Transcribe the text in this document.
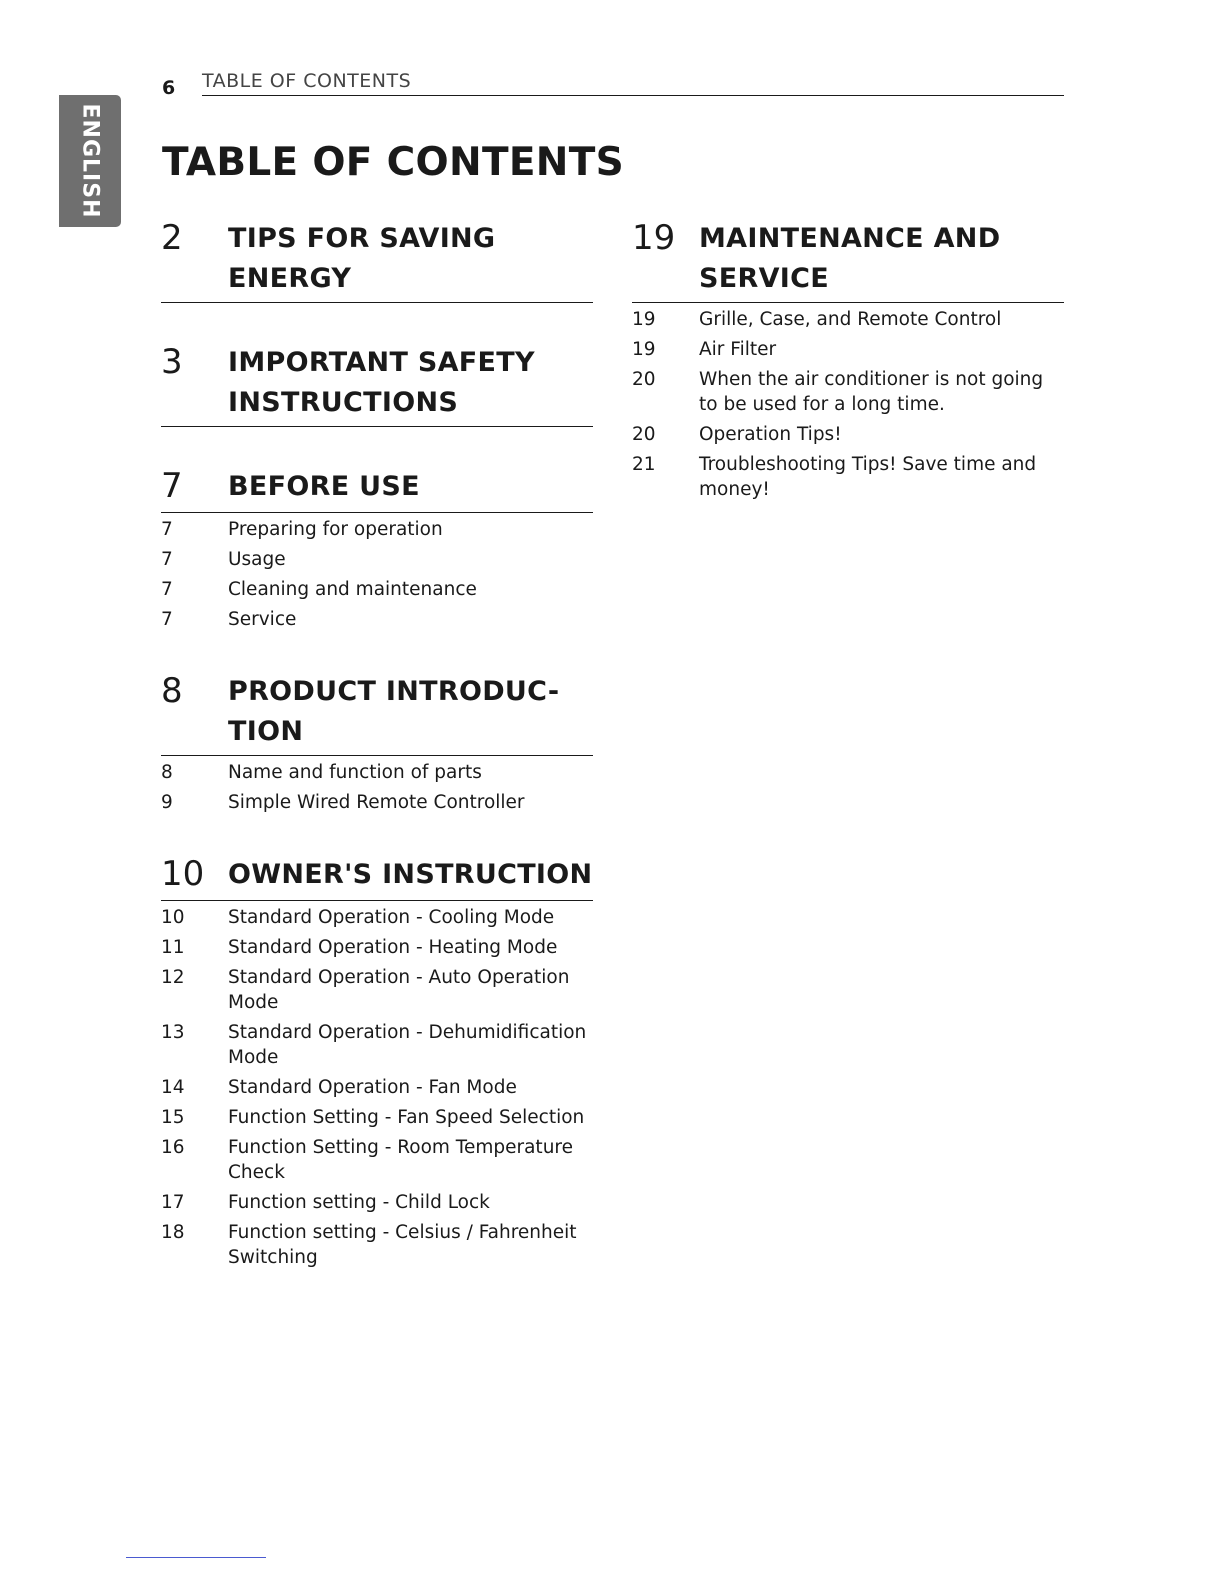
ENGLISH
6 TABLE OF CONTENTS
TABLE OF CONTENTS
2	TIPS FOR SAVING ENERGY
3	IMPORTANT SAFETY INSTRUCTIONS
7	BEFORE USE
7	Preparing for operation
7	Usage
7	Cleaning and maintenance
7	Service
8	PRODUCT INTRODUC-TION
8	Name and function of parts
9	Simple Wired Remote Controller
10 OWNER'S INSTRUCTION
10	Standard Operation - Cooling Mode
11	Standard Operation - Heating Mode
12	Standard Operation - Auto Operation Mode
13	Standard Operation - Dehumidification Mode
14	Standard Operation - Fan Mode
15	Function Setting - Fan Speed Selection
16	Function Setting - Room Temperature Check
17	Function setting - Child Lock
18	Function setting - Celsius / Fahrenheit Switching
19 MAINTENANCE AND SERVICE
19	Grille, Case, and Remote Control
19	Air Filter
20	When the air conditioner is not going to be used for a long time.
20	Operation Tips!
21	Troubleshooting Tips! Save time and money!
